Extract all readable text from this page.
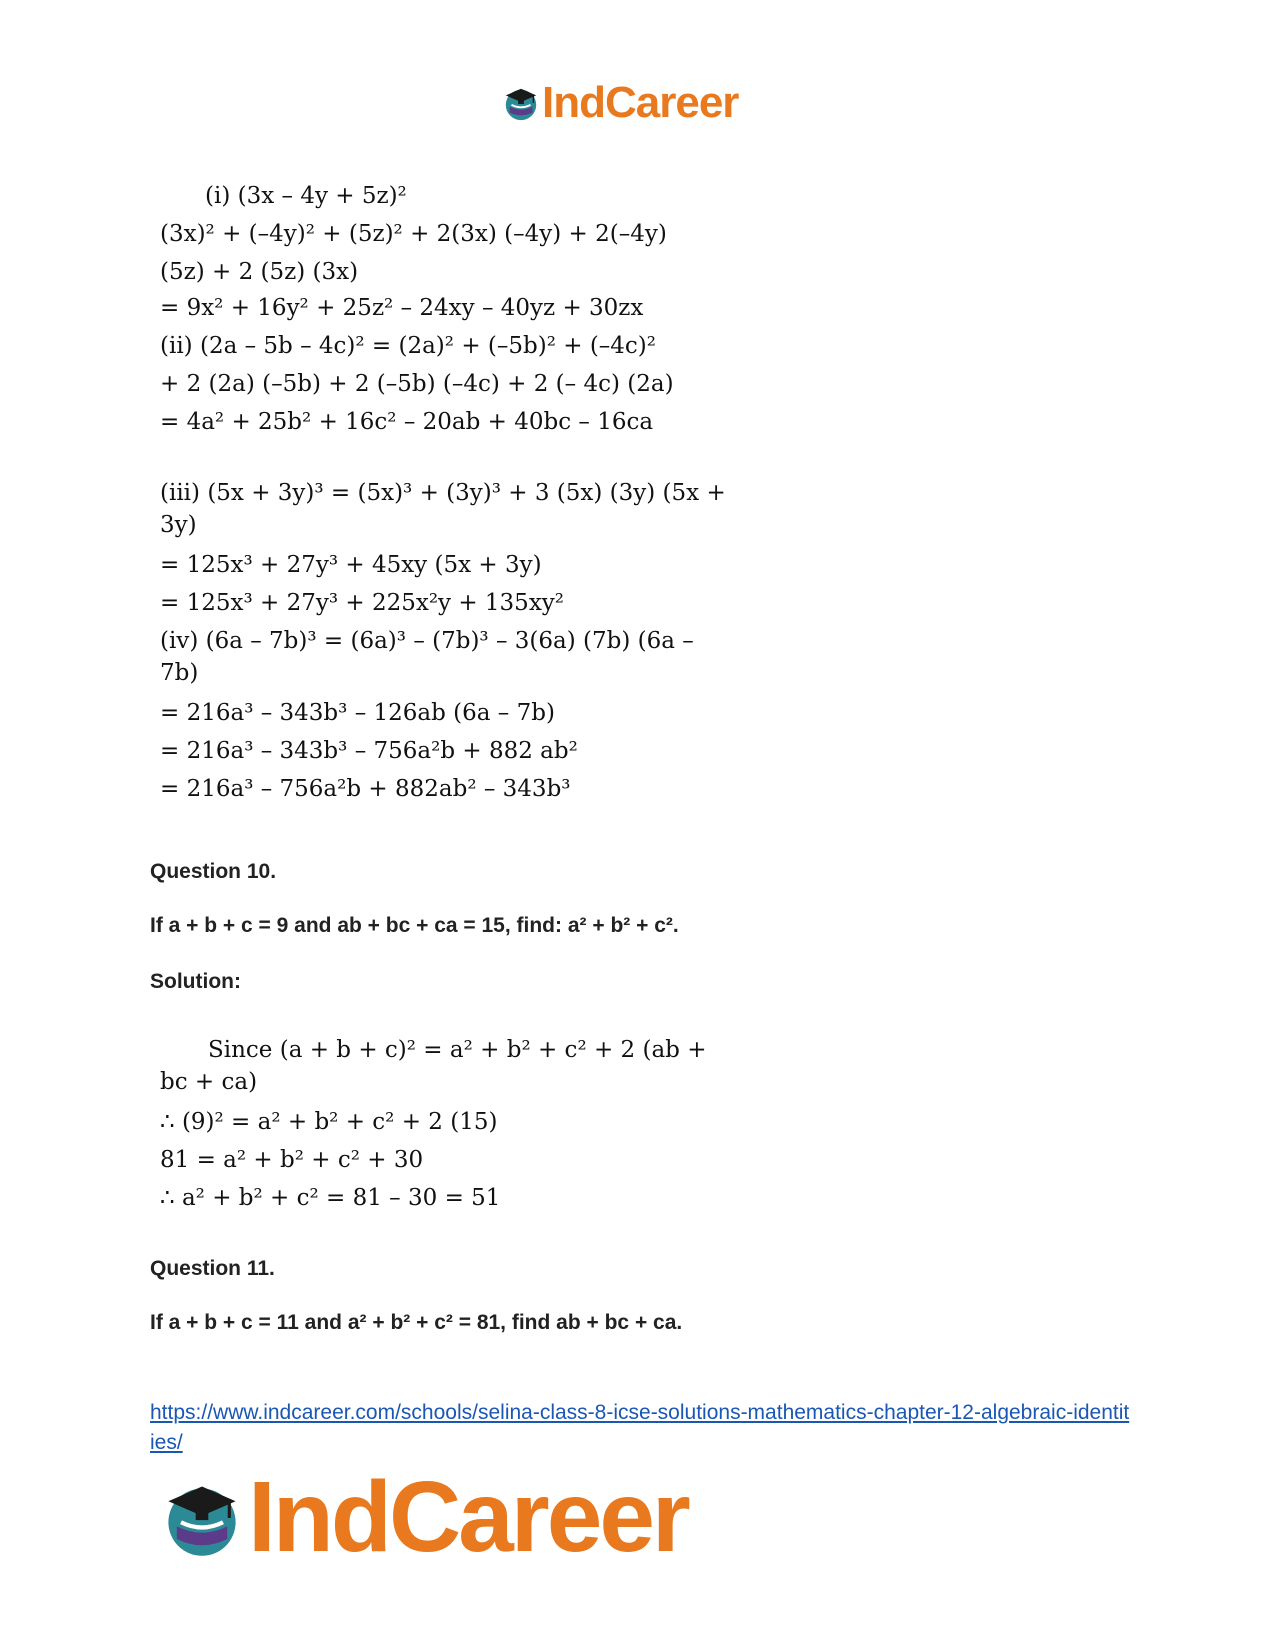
IndCareer
(i) (3x – 4y + 5z)²
(3x)² + (–4y)² + (5z)² + 2(3x) (–4y) + 2(–4y)
(5z) + 2 (5z) (3x)
= 9x² + 16y² + 25z² – 24xy – 40yz + 30zx
(ii) (2a – 5b – 4c)² = (2a)² + (–5b)² + (–4c)²
+ 2 (2a) (–5b) + 2 (–5b) (–4c) + 2 (– 4c) (2a)
= 4a² + 25b² + 16c² – 20ab + 40bc – 16ca
(iii) (5x + 3y)³ = (5x)³ + (3y)³ + 3 (5x) (3y) (5x +
3y)
= 125x³ + 27y³ + 45xy (5x + 3y)
= 125x³ + 27y³ + 225x²y + 135xy²
(iv) (6a – 7b)³ = (6a)³ – (7b)³ – 3(6a) (7b) (6a –
7b)
= 216a³ – 343b³ – 126ab (6a – 7b)
= 216a³ – 343b³ – 756a²b + 882 ab²
= 216a³ – 756a²b + 882ab² – 343b³
Question 10.
If a + b + c = 9 and ab + bc + ca = 15, find: a² + b² + c².
Solution:
Since (a + b + c)² = a² + b² + c² + 2 (ab +
bc + ca)
∴ (9)² = a² + b² + c² + 2 (15)
81 = a² + b² + c² + 30
∴ a² + b² + c² = 81 – 30 = 51
Question 11.
If a + b + c = 11 and a² + b² + c² = 81, find ab + bc + ca.
https://www.indcareer.com/schools/selina-class-8-icse-solutions-mathematics-chapter-12-algebraic-identities/
IndCareer
